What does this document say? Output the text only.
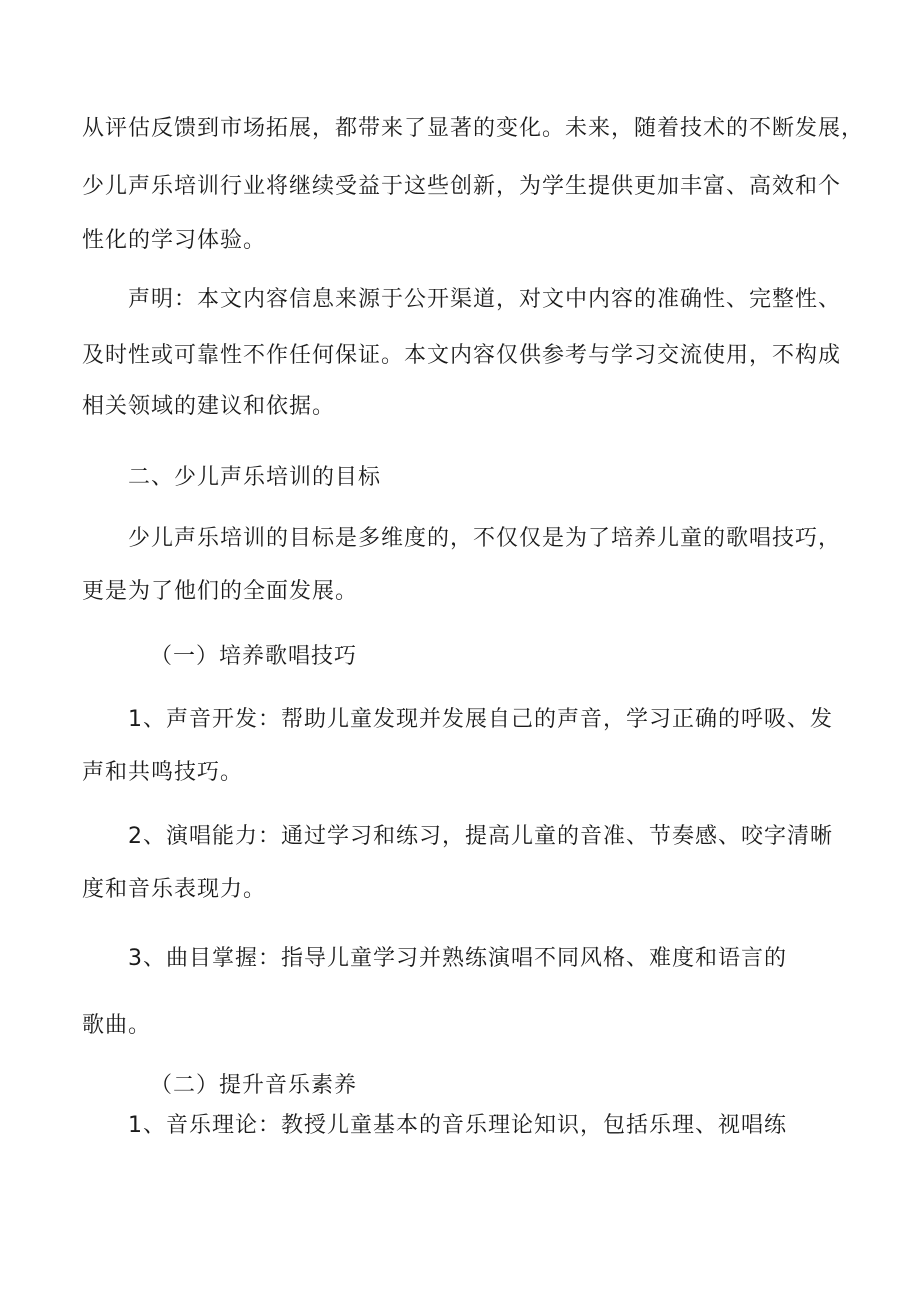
从评估反馈到市场拓展，都带来了显著的变化。未来，随着技术的不断发展，
少儿声乐培训行业将继续受益于这些创新，为学生提供更加丰富、高效和个
性化的学习体验。
声明：本文内容信息来源于公开渠道，对文中内容的准确性、完整性、
及时性或可靠性不作任何保证。本文内容仅供参考与学习交流使用，不构成
相关领域的建议和依据。
二、少儿声乐培训的目标
少儿声乐培训的目标是多维度的，不仅仅是为了培养儿童的歌唱技巧，
更是为了他们的全面发展。
（一）培养歌唱技巧
1、声音开发：帮助儿童发现并发展自己的声音，学习正确的呼吸、发
声和共鸣技巧。
2、演唱能力：通过学习和练习，提高儿童的音准、节奏感、咬字清晰
度和音乐表现力。
3、曲目掌握：指导儿童学习并熟练演唱不同风格、难度和语言的
歌曲。
（二）提升音乐素养
1、音乐理论：教授儿童基本的音乐理论知识，包括乐理、视唱练
